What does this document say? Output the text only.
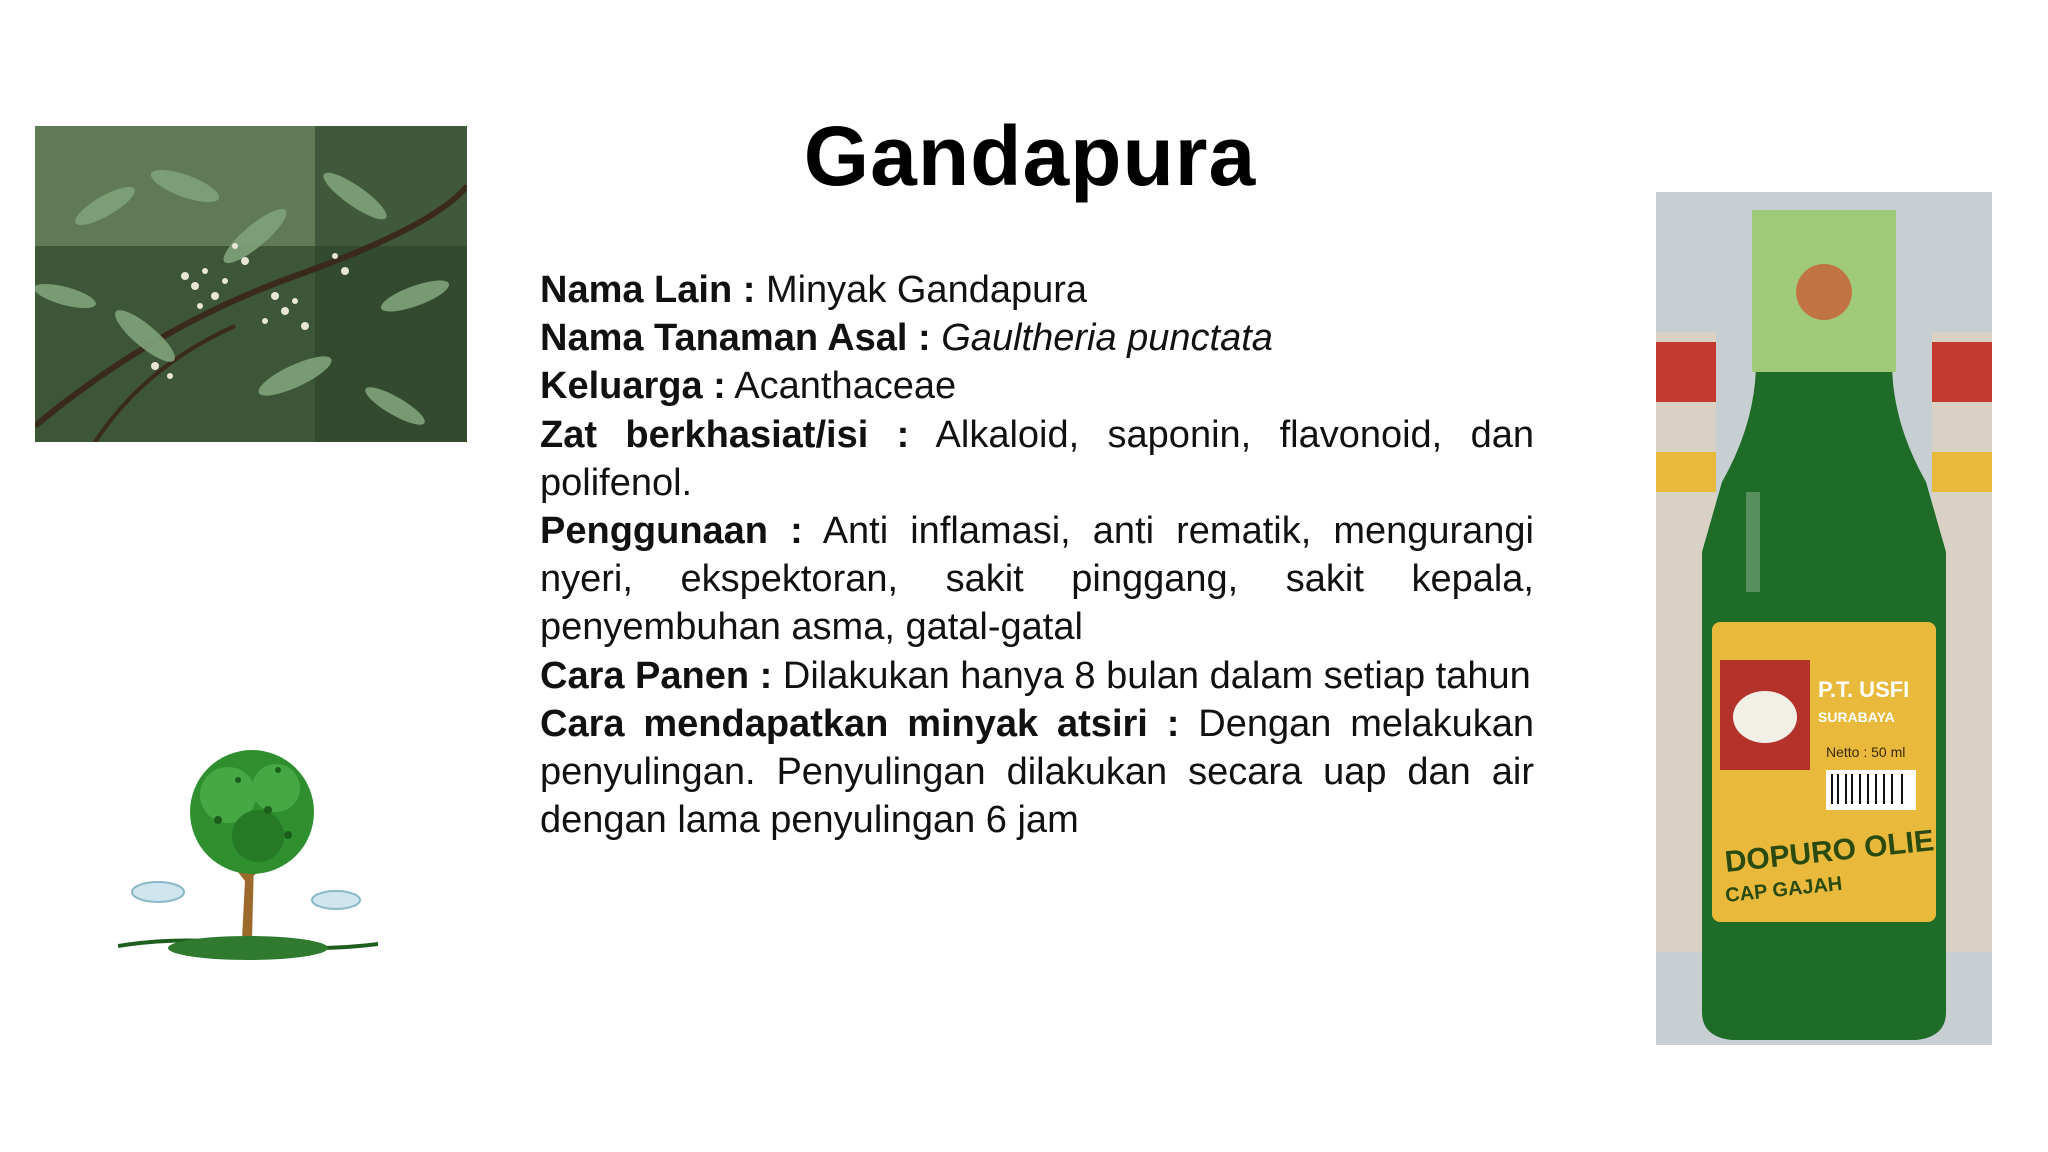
Gandapura

Nama Lain : Minyak Gandapura

Nama Tanaman Asal : Gaultheria punctata

Keluarga : Acanthaceae

Zat berkhasiat/isi : Alkaloid, saponin, flavonoid, dan polifenol.

Penggunaan : Anti inflamasi, anti rematik, mengurangi nyeri, ekspektoran, sakit pinggang, sakit kepala, penyembuhan asma, gatal-gatal

Cara Panen : Dilakukan hanya 8 bulan dalam setiap tahun

Cara mendapatkan minyak atsiri : Dengan melakukan penyulingan. Penyulingan dilakukan secara uap dan air dengan lama penyulingan 6 jam

P.T. USFI
SURABAYA
Netto : 50 ml
DOPURO OLIE
CAP GAJAH
